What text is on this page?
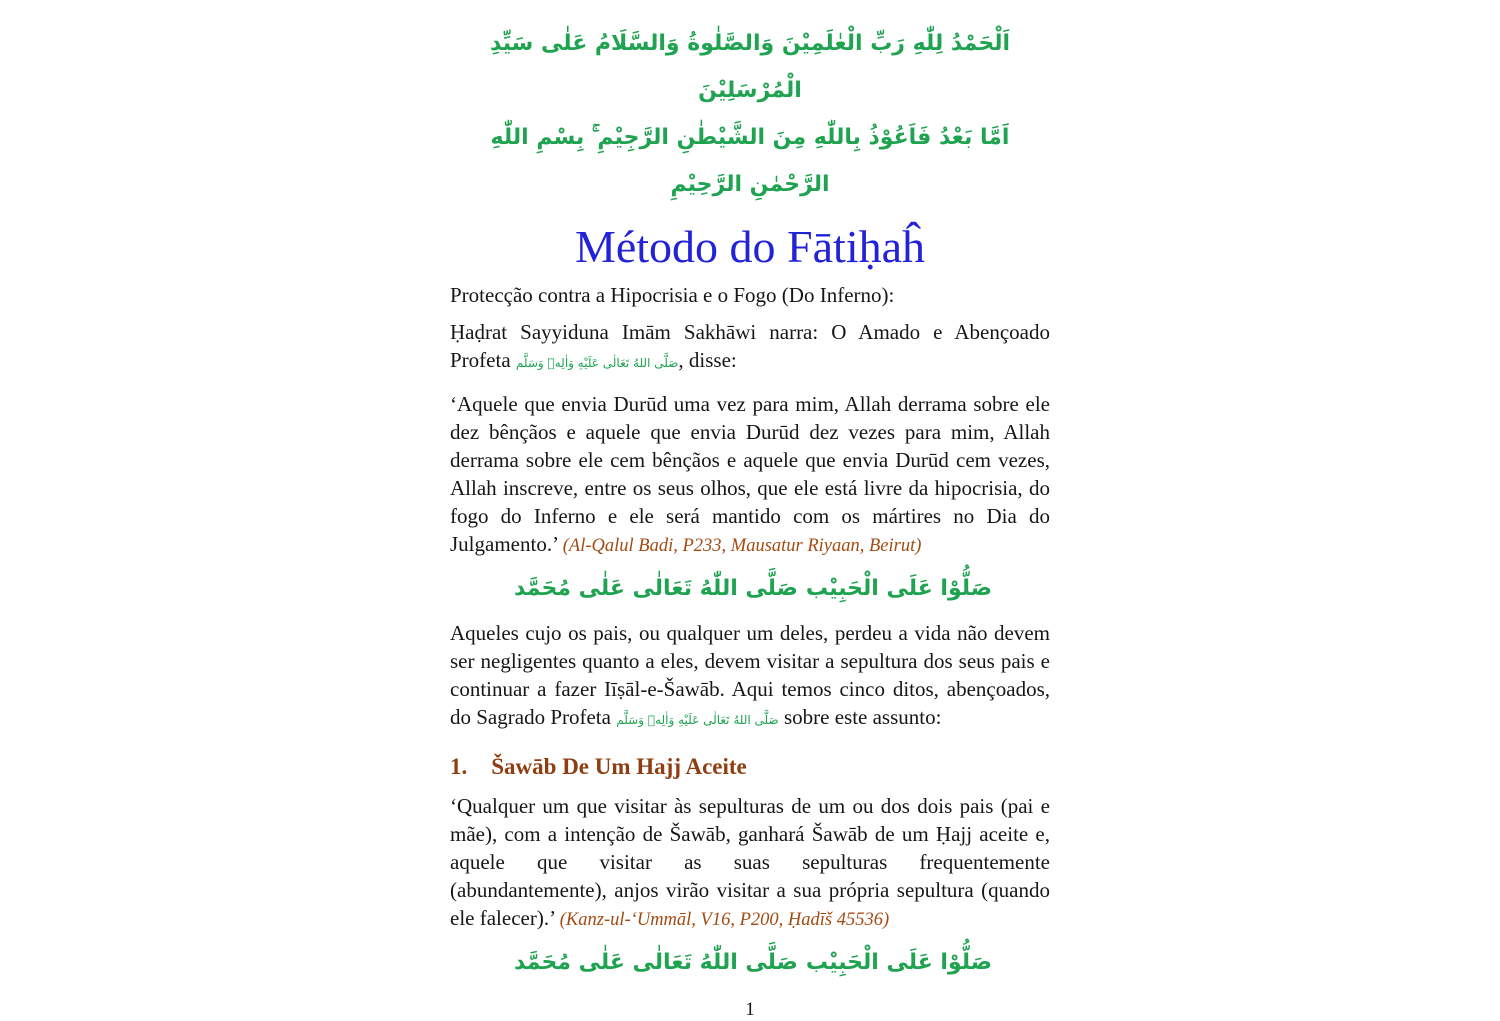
اَلْحَمْدُ لِلّٰهِ رَبِّ الْعٰلَمِيْنَ وَالصَّلٰوةُ وَالسَّلَامُ عَلٰى سَيِّدِ الْمُرْسَلِيْنَ
اَمَّا بَعْدُ فَاَعُوْذُ بِاللّٰهِ مِنَ الشَّيْطٰنِ الرَّجِيْمِ ۚ بِسْمِ اللّٰهِ الرَّحْمٰنِ الرَّحِيْمِ
Método do Fātiḥaĥ

Protecção contra a Hipocrisia e o Fogo (Do Inferno):

Ḥaḍrat Sayyiduna Imām Sakhāwi narra: O Amado e Abençoado Profeta صَلَّى اللهُ تَعَالٰى عَلَيْهِ وَاٰلِهٖ وَسَلَّم, disse:

‘Aquele que envia Durūd uma vez para mim, Allah derrama sobre ele dez bênçãos e aquele que envia Durūd dez vezes para mim, Allah derrama sobre ele cem bênçãos e aquele que envia Durūd cem vezes, Allah inscreve, entre os seus olhos, que ele está livre da hipocrisia, do fogo do Inferno e ele será mantido com os mártires no Dia do Julgamento.’ (Al-Qalul Badi, P233, Mausatur Riyaan, Beirut)

صَلَّى اللّٰهُ تَعَالٰى عَلٰى مُحَمَّد صَلُّوْا عَلَى الْحَبِيْب

Aqueles cujo os pais, ou qualquer um deles, perdeu a vida não devem ser negligentes quanto a eles, devem visitar a sepultura dos seus pais e continuar a fazer Iīṣāl-e-Šawāb. Aqui temos cinco ditos, abençoados, do Sagrado Profeta صَلَّى اللهُ تَعَالٰى عَلَيْهِ وَاٰلِهٖ وَسَلَّم sobre este assunto:

1. Šawāb De Um Hajj Aceite

‘Qualquer um que visitar às sepulturas de um ou dos dois pais (pai e mãe), com a intenção de Šawāb, ganhará Šawāb de um Ḥajj aceite e, aquele que visitar as suas sepulturas frequentemente (abundantemente), anjos virão visitar a sua própria sepultura (quando ele falecer).’ (Kanz-ul-‘Ummāl, V16, P200, Ḥadīš 45536)

صَلَّى اللّٰهُ تَعَالٰى عَلٰى مُحَمَّد صَلُّوْا عَلَى الْحَبِيْب
1
